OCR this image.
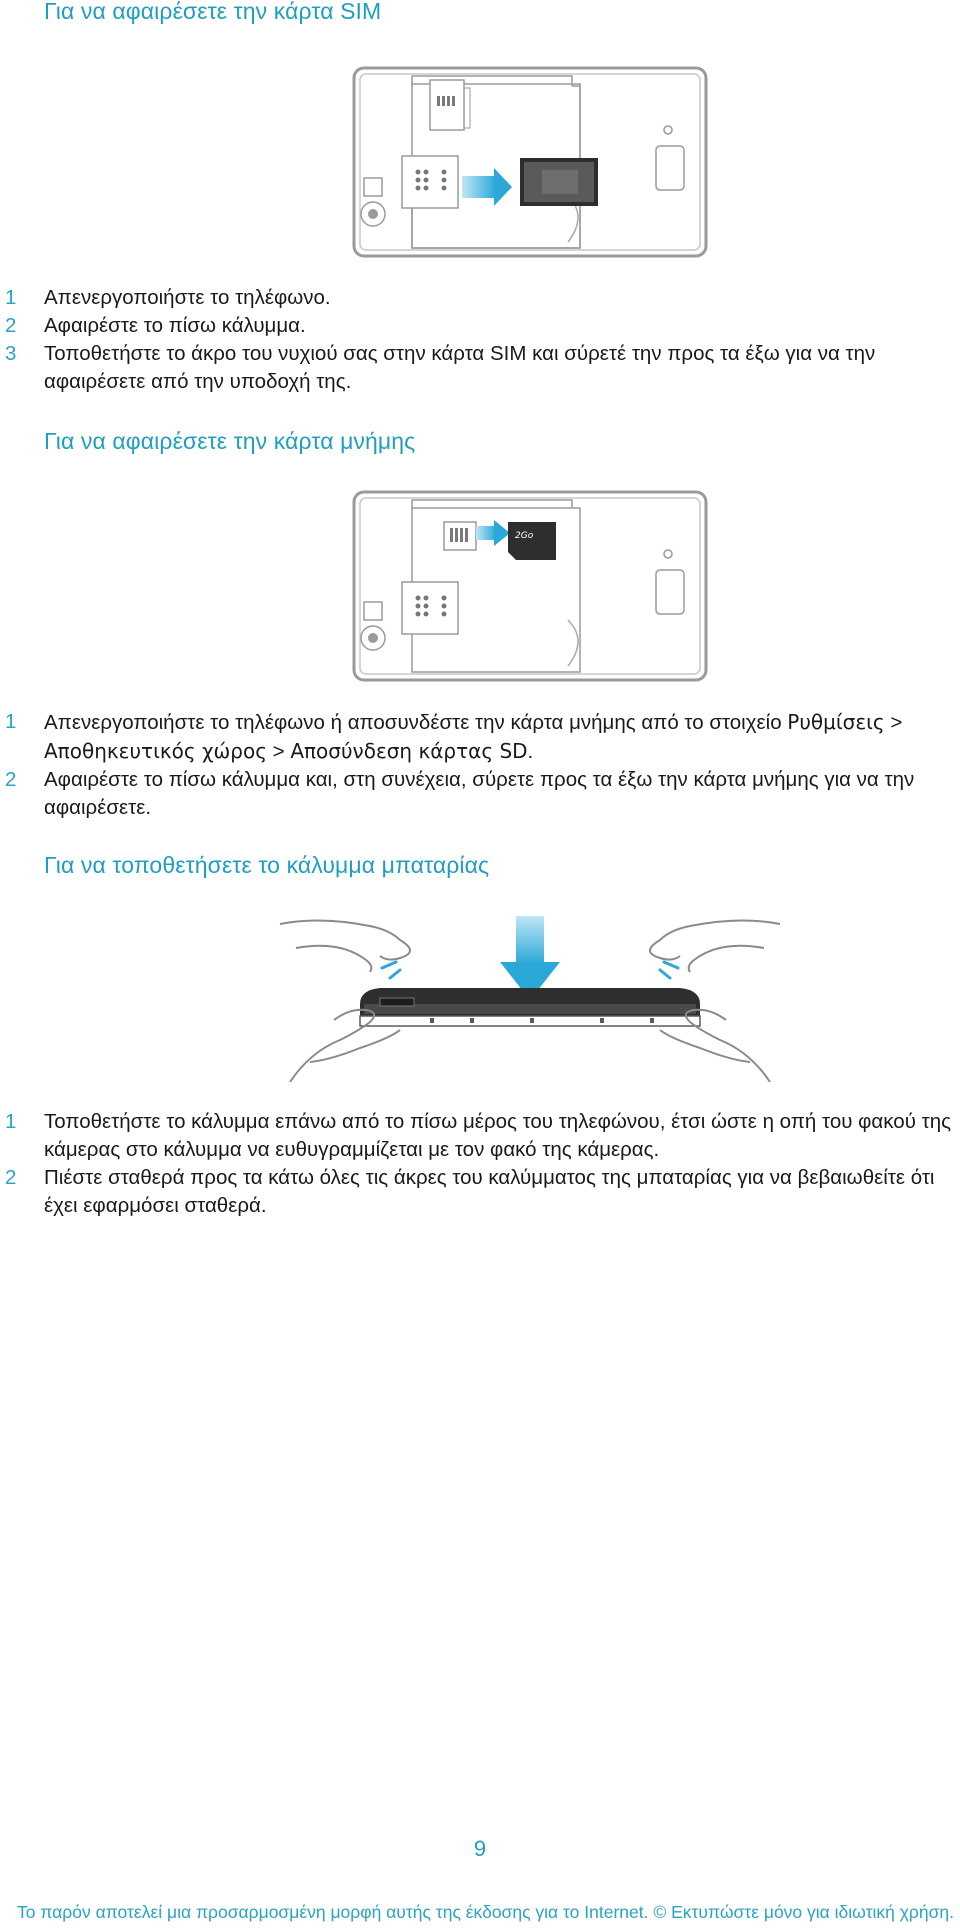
Για να αφαιρέσετε την κάρτα SIM
1 Απενεργοποιήστε το τηλέφωνο.
2 Αφαιρέστε το πίσω κάλυμμα.
3 Τοποθετήστε το άκρο του νυχιού σας στην κάρτα SIM και σύρετέ την προς τα έξω για να την αφαιρέσετε από την υποδοχή της.
Για να αφαιρέσετε την κάρτα μνήμης
2Go
1 Απενεργοποιήστε το τηλέφωνο ή αποσυνδέστε την κάρτα μνήμης από το στοιχείο Ρυθμίσεις > Αποθηκευτικός χώρος > Αποσύνδεση κάρτας SD.
2 Αφαιρέστε το πίσω κάλυμμα και, στη συνέχεια, σύρετε προς τα έξω την κάρτα μνήμης για να την αφαιρέσετε.
Για να τοποθετήσετε το κάλυμμα μπαταρίας
1 Τοποθετήστε το κάλυμμα επάνω από το πίσω μέρος του τηλεφώνου, έτσι ώστε η οπή του φακού της κάμερας στο κάλυμμα να ευθυγραμμίζεται με τον φακό της κάμερας.
2 Πιέστε σταθερά προς τα κάτω όλες τις άκρες του καλύμματος της μπαταρίας για να βεβαιωθείτε ότι έχει εφαρμόσει σταθερά.
9
Το παρόν αποτελεί μια προσαρμοσμένη μορφή αυτής της έκδοσης για το Internet. © Εκτυπώστε μόνο για ιδιωτική χρήση.
